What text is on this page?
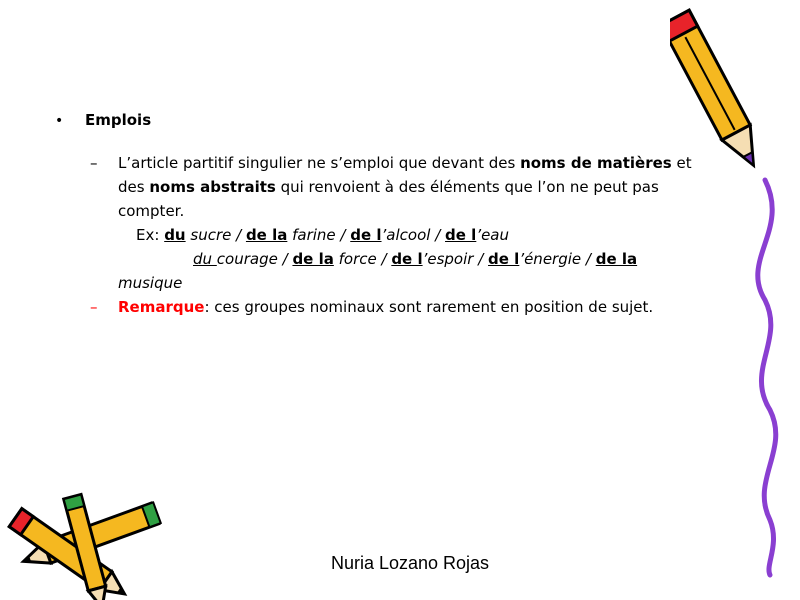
•	Emplois
–	L’article partitif singulier ne s’emploi que devant des noms de matières et des noms abstraits qui renvoient à des éléments que l’on ne peut pas compter.
Ex: du sucre / de la farine / de l’alcool / de l’eau
du courage / de la force / de l’espoir / de l’énergie / de la musique
–	Remarque: ces groupes nominaux sont rarement en position de sujet.
Nuria Lozano Rojas
